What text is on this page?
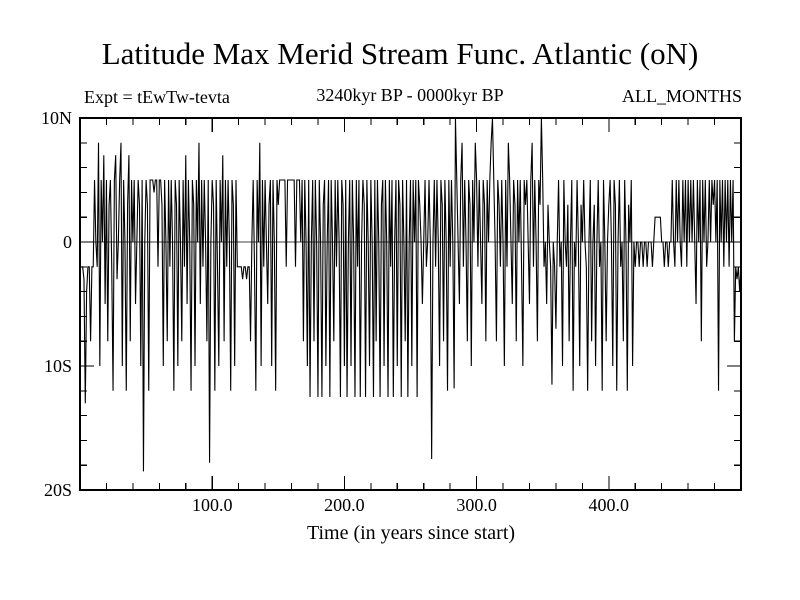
Latitude Max Merid Stream Func. Atlantic (oN)
Expt = tEwTw-tevta	3240kyr BP - 0000kyr BP	ALL_MONTHS
100.0	200.0	300.0	400.0
10N
0
10S
20S
Time (in years since start)
